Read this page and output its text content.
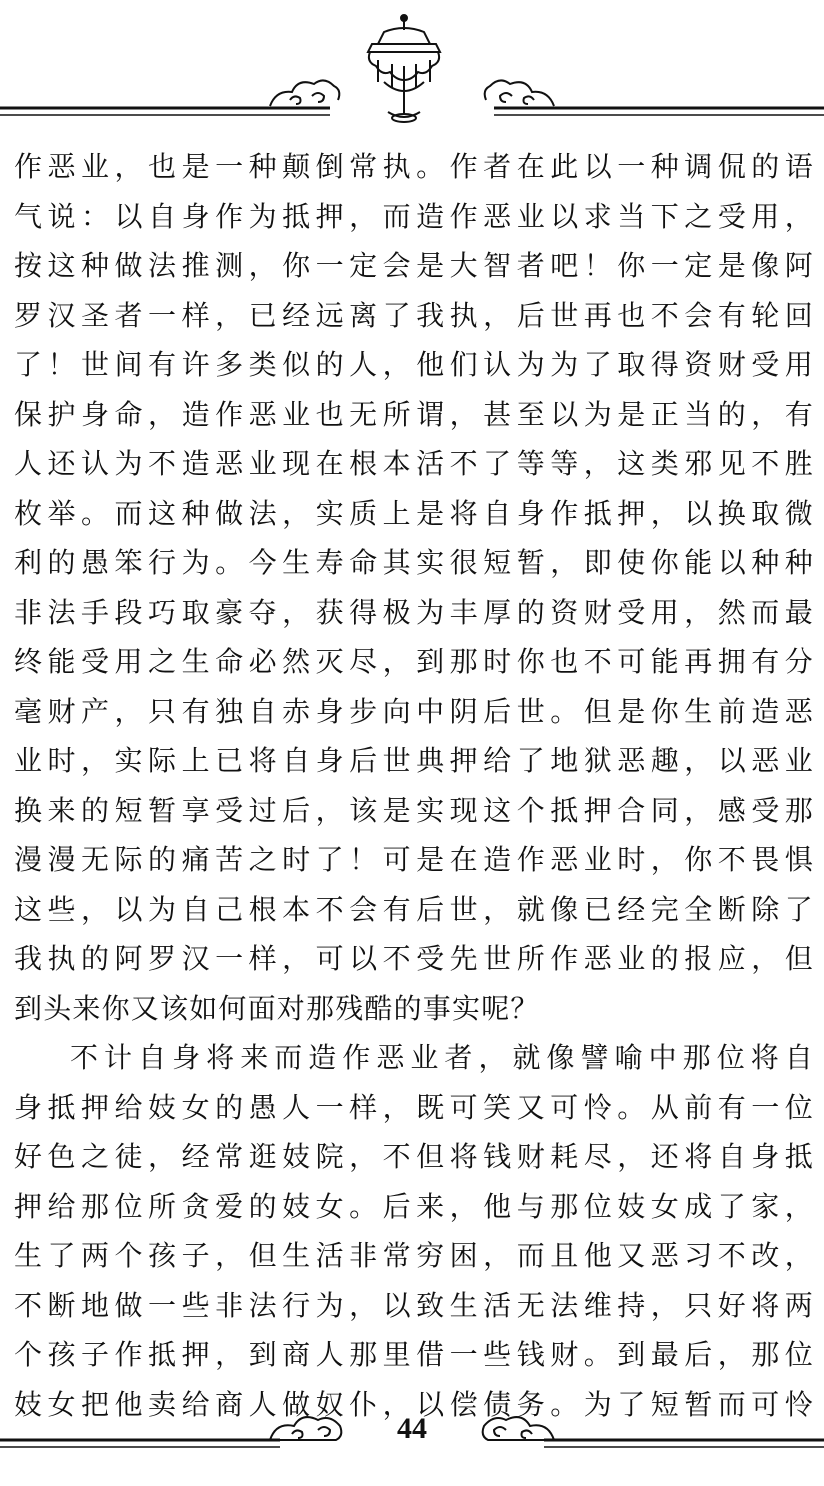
作恶业，也是一种颠倒常执。作者在此以一种调侃的语

气说：以自身作为抵押，而造作恶业以求当下之受用，

按这种做法推测，你一定会是大智者吧！你一定是像阿

罗汉圣者一样，已经远离了我执，后世再也不会有轮回

了！世间有许多类似的人，他们认为为了取得资财受用

保护身命，造作恶业也无所谓，甚至以为是正当的，有

人还认为不造恶业现在根本活不了等等，这类邪见不胜

枚举。而这种做法，实质上是将自身作抵押，以换取微

利的愚笨行为。今生寿命其实很短暂，即使你能以种种

非法手段巧取豪夺，获得极为丰厚的资财受用，然而最

终能受用之生命必然灭尽，到那时你也不可能再拥有分

毫财产，只有独自赤身步向中阴后世。但是你生前造恶

业时，实际上已将自身后世典押给了地狱恶趣，以恶业

换来的短暂享受过后，该是实现这个抵押合同，感受那

漫漫无际的痛苦之时了！可是在造作恶业时，你不畏惧

这些，以为自己根本不会有后世，就像已经完全断除了

我执的阿罗汉一样，可以不受先世所作恶业的报应，但

到头来你又该如何面对那残酷的事实呢？

不计自身将来而造作恶业者，就像譬喻中那位将自

身抵押给妓女的愚人一样，既可笑又可怜。从前有一位

好色之徒，经常逛妓院，不但将钱财耗尽，还将自身抵

押给那位所贪爱的妓女。后来，他与那位妓女成了家，

生了两个孩子，但生活非常穷困，而且他又恶习不改，

不断地做一些非法行为，以致生活无法维持，只好将两

个孩子作抵押，到商人那里借一些钱财。到最后，那位

妓女把他卖给商人做奴仆，以偿债务。为了短暂而可怜

44
